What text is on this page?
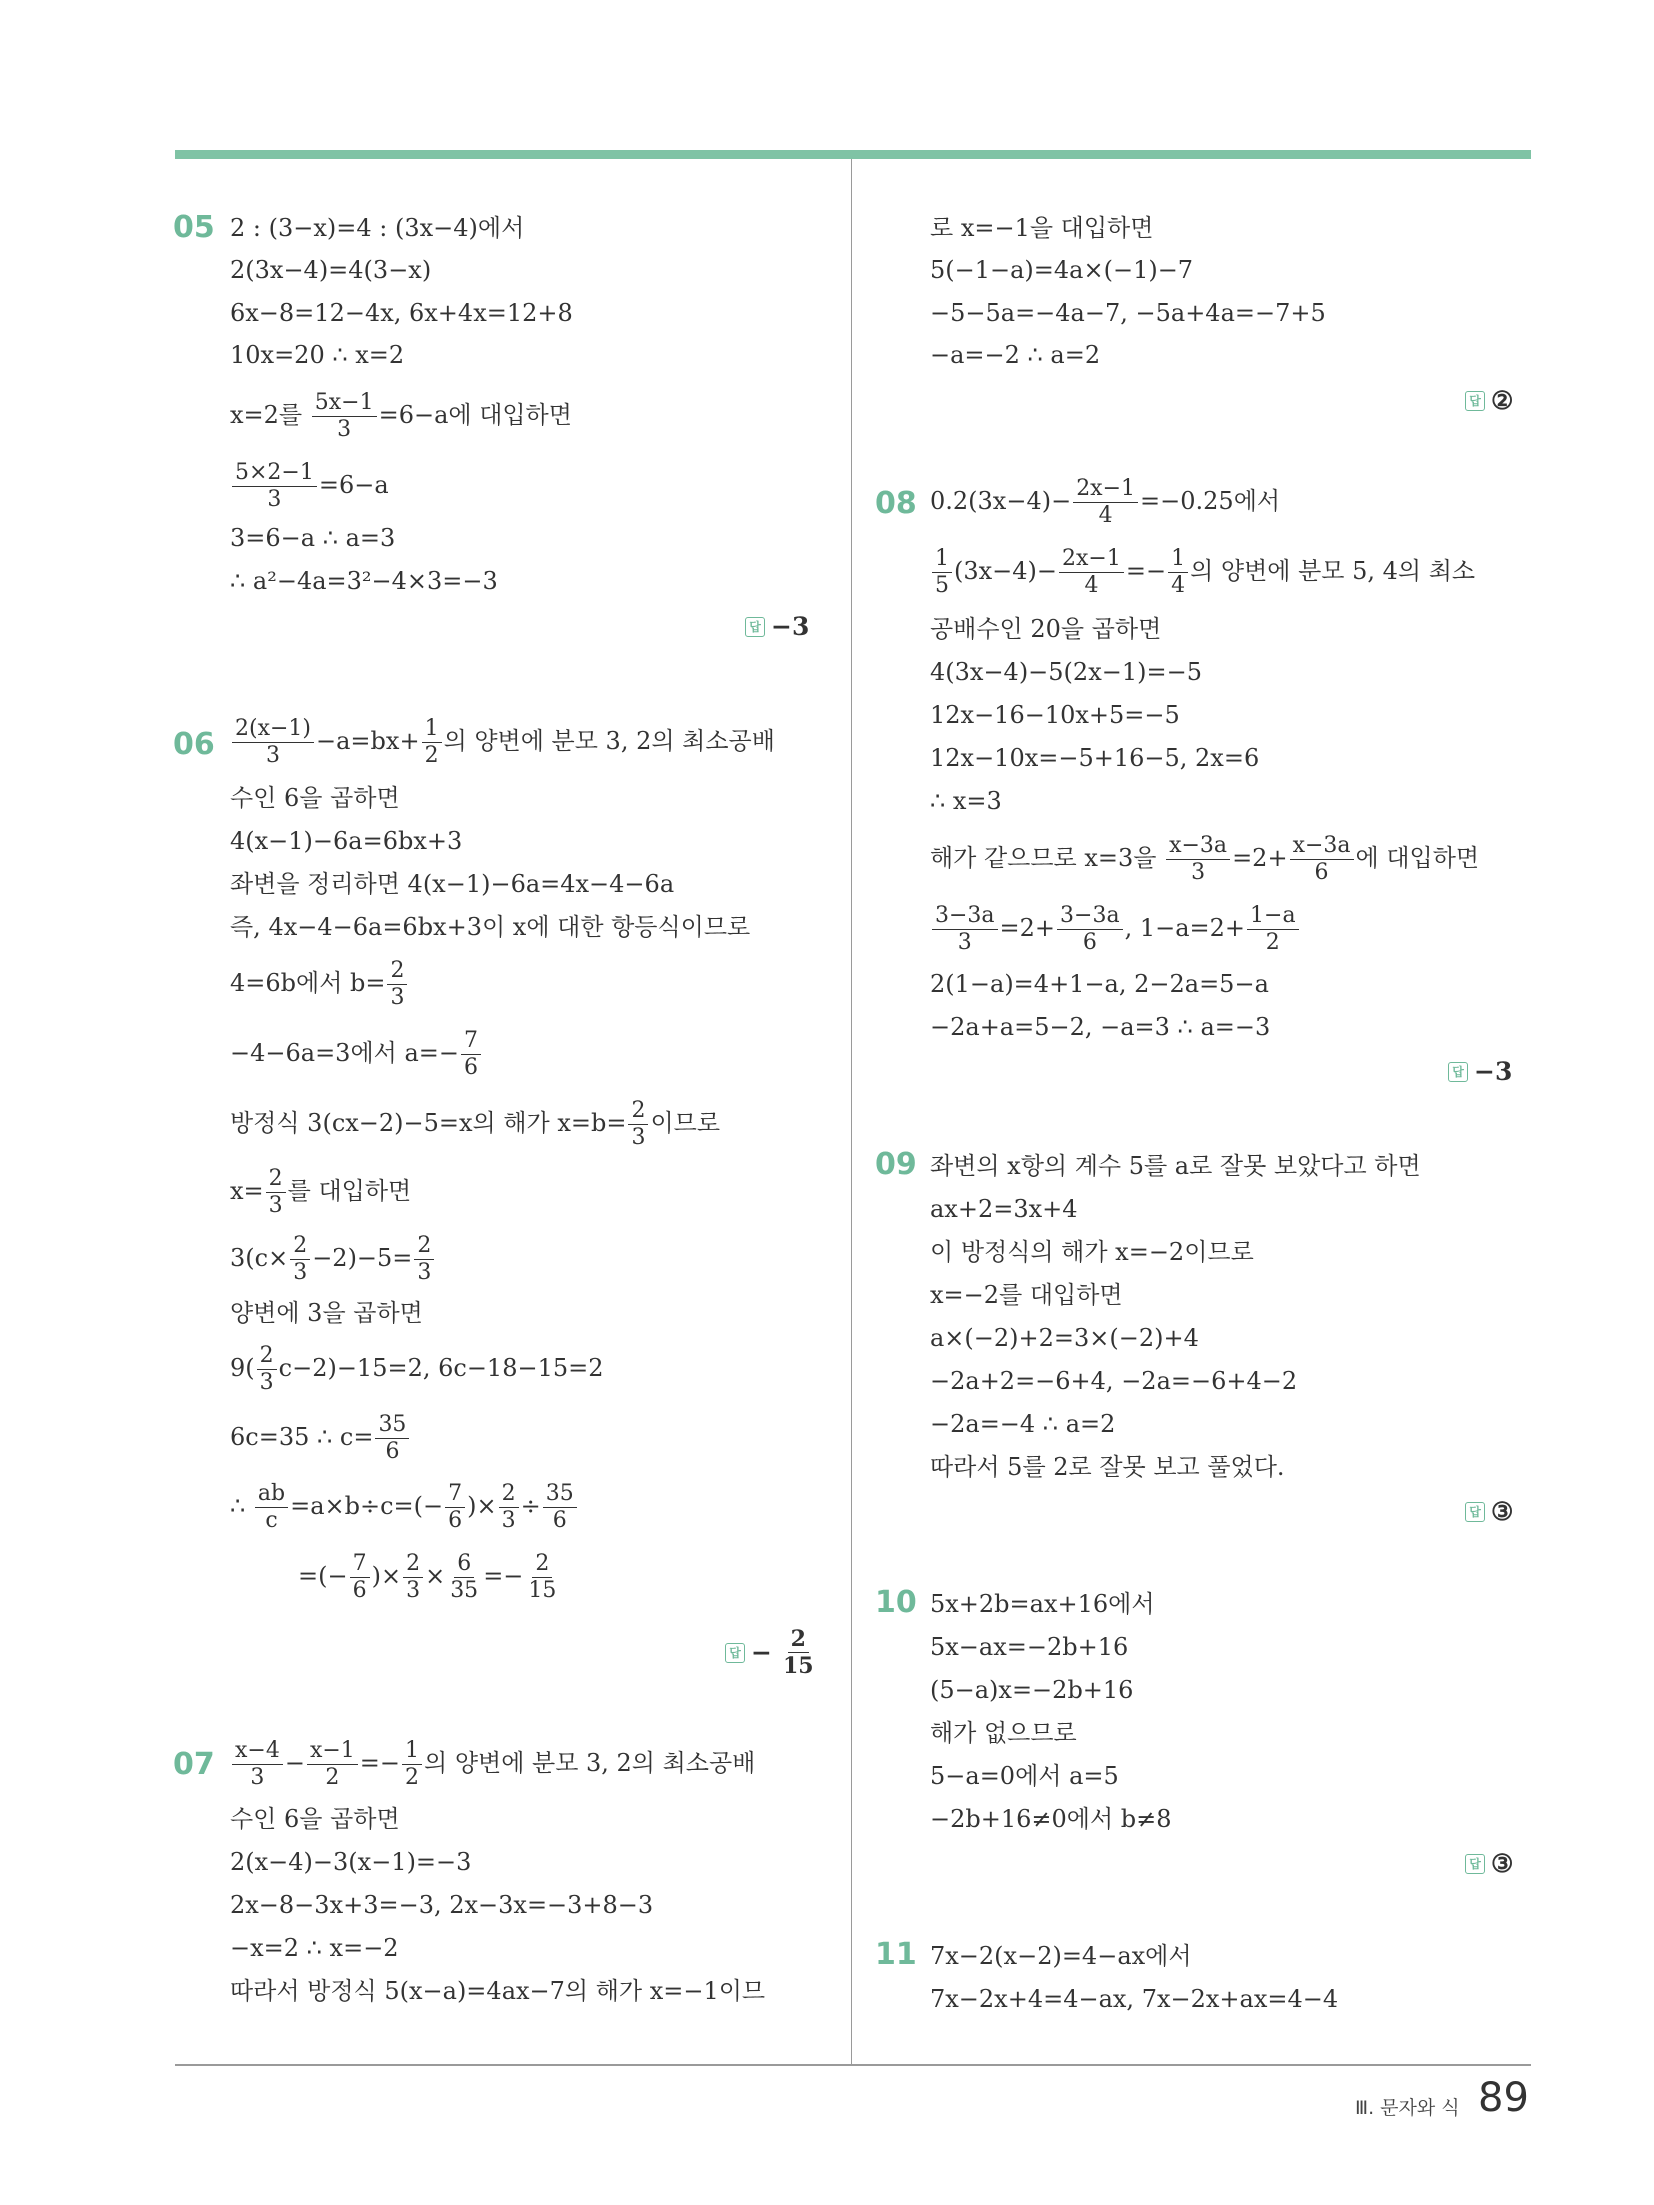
05 2 : (3−x)=4 : (3x−4)에서
2(3x−4)=4(3−x)
6x−8=12−4x, 6x+4x=12+8
10x=20 ∴ x=2
x=2를 $\frac{5x-1}{3} =6-a$에 대입하면
$\frac{5\times 2-1}{3} =6-a$
3=6−a ∴ a=3
∴ a²−4a=3²−4×3=−3
답 −3
$06 \frac{2(x-1)}{3} -a=bx+ \frac{1}{2}$ 의 양변에 분모 3, 2의 최소공배
수인 6을 곱하면
4(x−1)−6a=6bx+3
좌변을 정리하면 4(x−1)−6a=4x−4−6a
즉, 4x−4−6a=6bx+3이 x에 대한 항등식이므로
4=6b에서 $b= \frac{2}{3}$
−4−6a=3에서 $a=- \frac{7}{6}$
방정식 3(cx−2)−5=x의 해가 $x=b= \frac{2}{3}$ 이므로
$x= \frac{2}{3}$ 를 대입하면
$3(c\times \frac{2}{3} -2)-5= \frac{2}{3}$
양변에 3을 곱하면
$9( \frac{2}{3} c-2)-15=2$, 6c−18−15=2
6c=35 ∴ $c= \frac{35}{6}$
∴ $\frac{ab}{c} =a\times b\div c=(- \frac{7}{6}$ )× $\frac{2}{3} \div \frac{35}{6}$
=(− $\frac{7}{6}$ )× $\frac{2}{3} \times \frac{6}{35} =- \frac{2}{15}$
답 − $\frac{2}{15}$
$07 \frac{x-4}{3} - \frac{x-1}{2} =- \frac{1}{2}$ 의 양변에 분모 3, 2의 최소공배
수인 6을 곱하면
2(x−4)−3(x−1)=−3
2x−8−3x+3=−3, 2x−3x=−3+8−3
−x=2 ∴ x=−2
따라서 방정식 5(x−a)=4ax−7의 해가 x=−1이므
로 x=−1을 대입하면
5(−1−a)=4a×(−1)−7
−5−5a=−4a−7, −5a+4a=−7+5
−a=−2 ∴ a=2
답 ②
08 $0.2(3x-4)- \frac{2x-1}{4} =-0.25$에서
$\frac{1}{5} (3x-4)- \frac{2x-1}{4} =- \frac{1}{4}$ 의 양변에 분모 5, 4의 최소
공배수인 20을 곱하면
4(3x−4)−5(2x−1)=−5
12x−16−10x+5=−5
12x−10x=−5+16−5, 2x=6
∴ x=3
해가 같으므로 x=3을 $\frac{x-3a}{3} =2+ \frac{x-3a}{6}$ 에 대입하면
$\frac{3-3a}{3} =2+ \frac{3-3a}{6}$ , $1-a=2+ \frac{1-a}{2}$
2(1−a)=4+1−a, 2−2a=5−a
−2a+a=5−2, −a=3 ∴ a=−3
답 −3
09 좌변의 x항의 계수 5를 a로 잘못 보았다고 하면
ax+2=3x+4
이 방정식의 해가 x=−2이므로
x=−2를 대입하면
a×(−2)+2=3×(−2)+4
−2a+2=−6+4, −2a=−6+4−2
−2a=−4 ∴ a=2
따라서 5를 2로 잘못 보고 풀었다.
답 ③
10 5x+2b=ax+16에서
5x−ax=−2b+16
(5−a)x=−2b+16
해가 없으므로
5−a=0에서 a=5
−2b+16≠0에서 b≠8
답 ③
11 7x−2(x−2)=4−ax에서
7x−2x+4=4−ax, 7x−2x+ax=4−4
Ⅲ. 문자와 식 89
